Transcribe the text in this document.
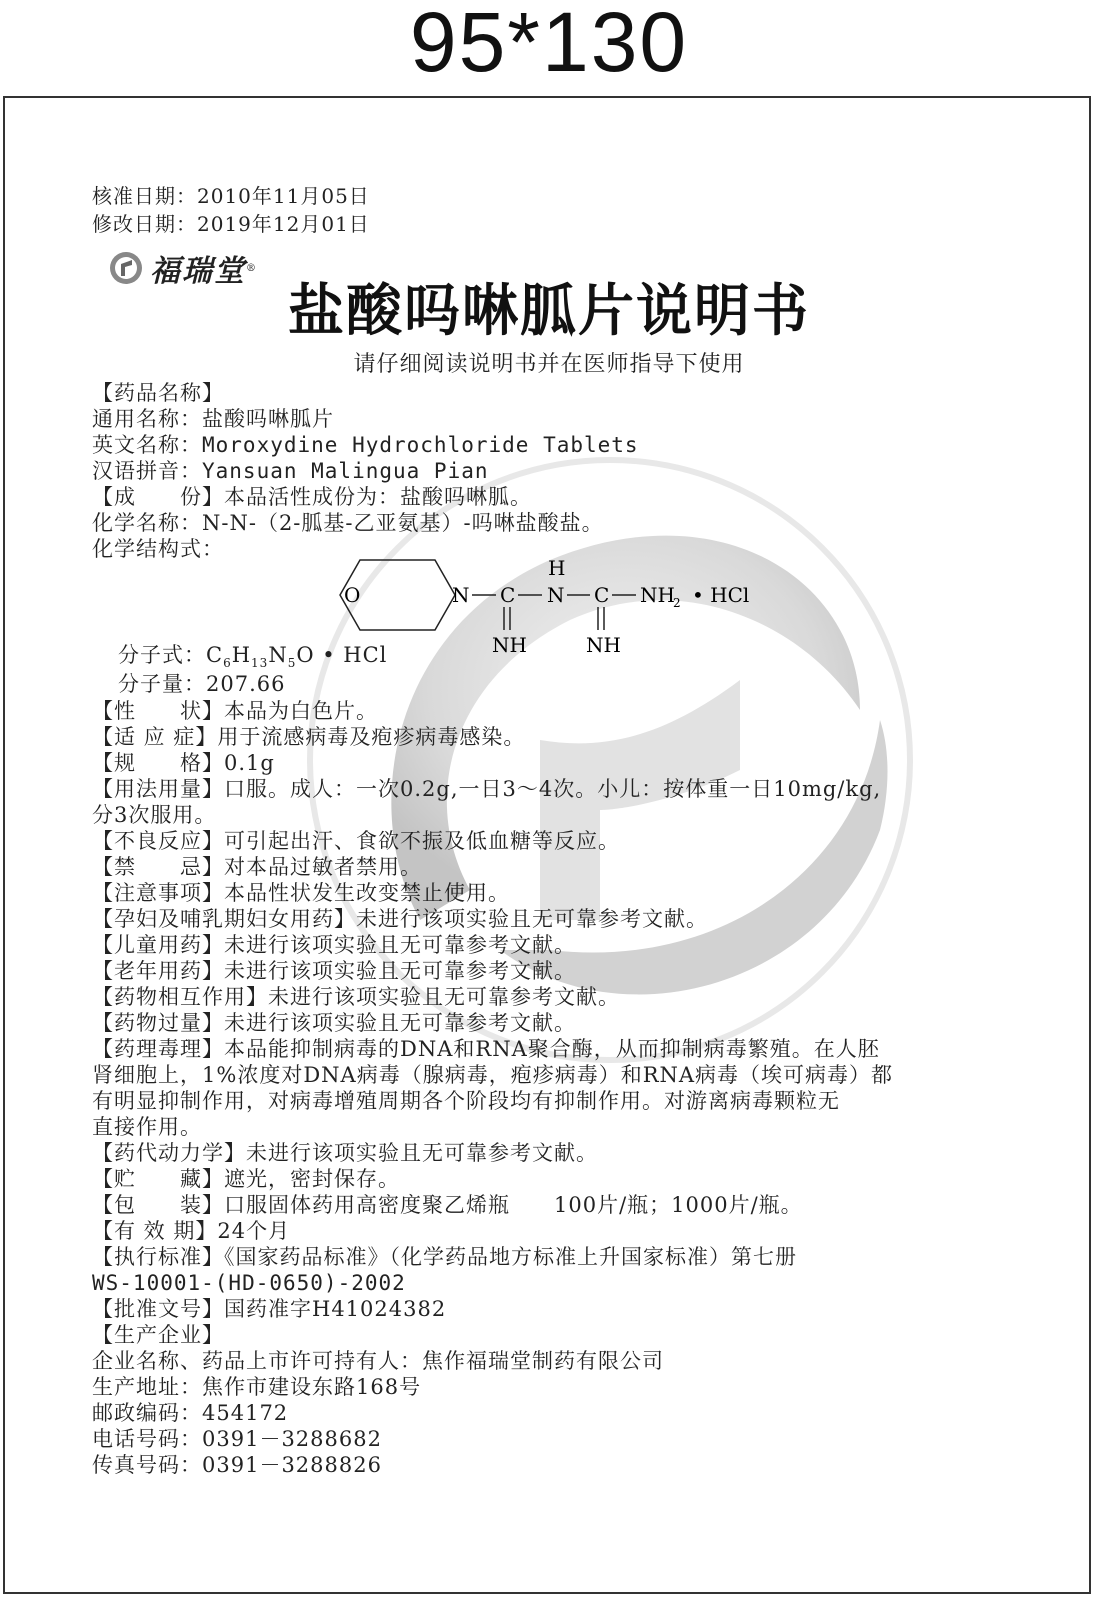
95*130
核准日期：2010年11月05日
修改日期：2019年12月01日
福瑞堂 ®
盐酸吗啉胍片说明书
请仔细阅读说明书并在医师指导下使用
【药品名称】
通用名称：盐酸吗啉胍片
英文名称：Moroxydine Hydrochloride Tablets
汉语拼音：Yansuan Malingua Pian
【成　　份】本品活性成份为：盐酸吗啉胍。
化学名称：N-N-（2-胍基-乙亚氨基）-吗啉盐酸盐。
化学结构式：
O	N C
H
N C NH
2 • HCl
NH	NH
分子式：$C_6H_{13}N_5O$ • HCl
分子量：207.66
【性　　状】本品为白色片。
【适 应 症】用于流感病毒及疱疹病毒感染。
【规　　格】0.1g
【用法用量】口服。成人：一次0.2g,一日3～4次。小儿：按体重一日10mg/kg,
分3次服用。
【不良反应】可引起出汗、食欲不振及低血糖等反应。
【禁　　忌】对本品过敏者禁用。
【注意事项】本品性状发生改变禁止使用。
【孕妇及哺乳期妇女用药】未进行该项实验且无可靠参考文献。
【儿童用药】未进行该项实验且无可靠参考文献。
【老年用药】未进行该项实验且无可靠参考文献。
【药物相互作用】未进行该项实验且无可靠参考文献。
【药物过量】未进行该项实验且无可靠参考文献。
【药理毒理】本品能抑制病毒的DNA和RNA聚合酶，从而抑制病毒繁殖。在人胚
肾细胞上，1%浓度对DNA病毒（腺病毒，疱疹病毒）和RNA病毒（埃可病毒）都
有明显抑制作用，对病毒增殖周期各个阶段均有抑制作用。对游离病毒颗粒无
直接作用。
【药代动力学】未进行该项实验且无可靠参考文献。
【贮　　藏】遮光，密封保存。
【包　　装】口服固体药用高密度聚乙烯瓶　　100片/瓶；1000片/瓶。
【有 效 期】24个月
【执行标准】《国家药品标准》（化学药品地方标准上升国家标准）第七册
WS-10001-(HD-0650)-2002
【批准文号】国药准字H41024382
【生产企业】
企业名称、药品上市许可持有人：焦作福瑞堂制药有限公司
生产地址：焦作市建设东路168号
邮政编码：454172
电话号码：0391－3288682
传真号码：0391－3288826
